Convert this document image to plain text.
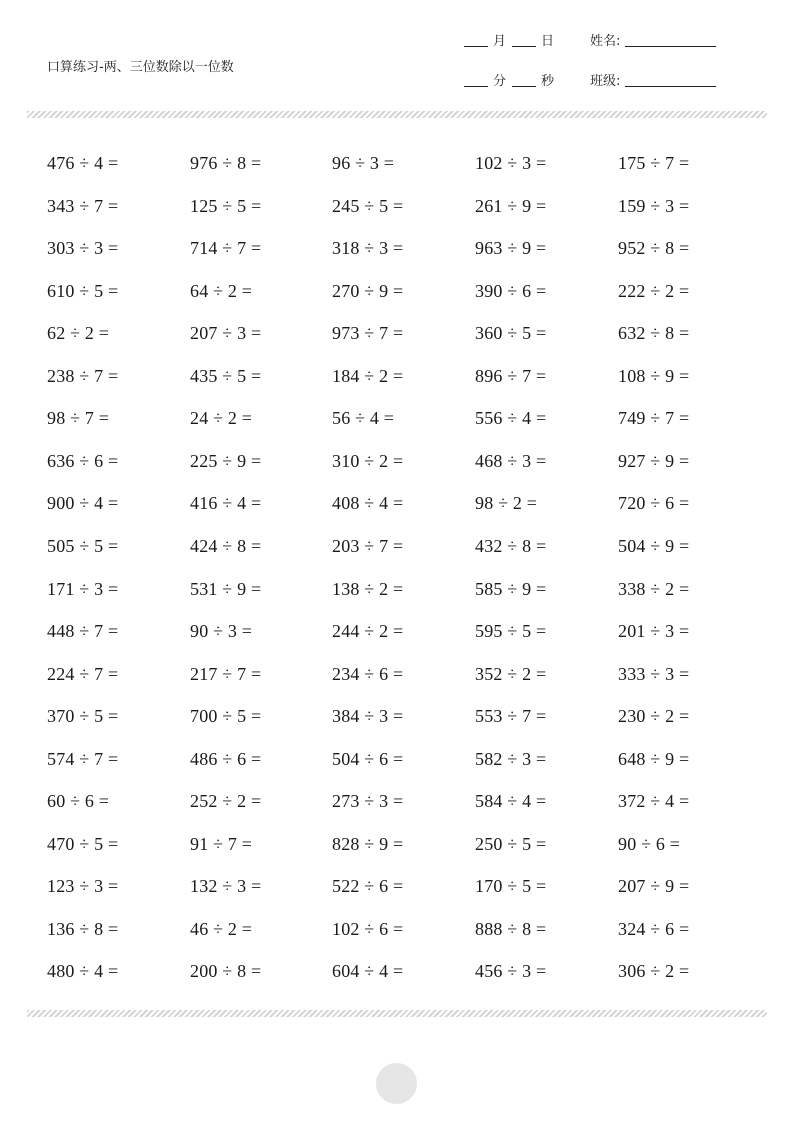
口算练习-两、三位数除以一位数
月	日	姓名:
分	秒	班级:
476 ÷ 4 =	976 ÷ 8 =	96 ÷ 3 =	102 ÷ 3 =	175 ÷ 7 =
343 ÷ 7 =	125 ÷ 5 =	245 ÷ 5 =	261 ÷ 9 =	159 ÷ 3 =
303 ÷ 3 =	714 ÷ 7 =	318 ÷ 3 =	963 ÷ 9 =	952 ÷ 8 =
610 ÷ 5 =	64 ÷ 2 =	270 ÷ 9 =	390 ÷ 6 =	222 ÷ 2 =
62 ÷ 2 =	207 ÷ 3 =	973 ÷ 7 =	360 ÷ 5 =	632 ÷ 8 =
238 ÷ 7 =	435 ÷ 5 =	184 ÷ 2 =	896 ÷ 7 =	108 ÷ 9 =
98 ÷ 7 =	24 ÷ 2 =	56 ÷ 4 =	556 ÷ 4 =	749 ÷ 7 =
636 ÷ 6 =	225 ÷ 9 =	310 ÷ 2 =	468 ÷ 3 =	927 ÷ 9 =
900 ÷ 4 =	416 ÷ 4 =	408 ÷ 4 =	98 ÷ 2 =	720 ÷ 6 =
505 ÷ 5 =	424 ÷ 8 =	203 ÷ 7 =	432 ÷ 8 =	504 ÷ 9 =
171 ÷ 3 =	531 ÷ 9 =	138 ÷ 2 =	585 ÷ 9 =	338 ÷ 2 =
448 ÷ 7 =	90 ÷ 3 =	244 ÷ 2 =	595 ÷ 5 =	201 ÷ 3 =
224 ÷ 7 =	217 ÷ 7 =	234 ÷ 6 =	352 ÷ 2 =	333 ÷ 3 =
370 ÷ 5 =	700 ÷ 5 =	384 ÷ 3 =	553 ÷ 7 =	230 ÷ 2 =
574 ÷ 7 =	486 ÷ 6 =	504 ÷ 6 =	582 ÷ 3 =	648 ÷ 9 =
60 ÷ 6 =	252 ÷ 2 =	273 ÷ 3 =	584 ÷ 4 =	372 ÷ 4 =
470 ÷ 5 =	91 ÷ 7 =	828 ÷ 9 =	250 ÷ 5 =	90 ÷ 6 =
123 ÷ 3 =	132 ÷ 3 =	522 ÷ 6 =	170 ÷ 5 =	207 ÷ 9 =
136 ÷ 8 =	46 ÷ 2 =	102 ÷ 6 =	888 ÷ 8 =	324 ÷ 6 =
480 ÷ 4 =	200 ÷ 8 =	604 ÷ 4 =	456 ÷ 3 =	306 ÷ 2 =
